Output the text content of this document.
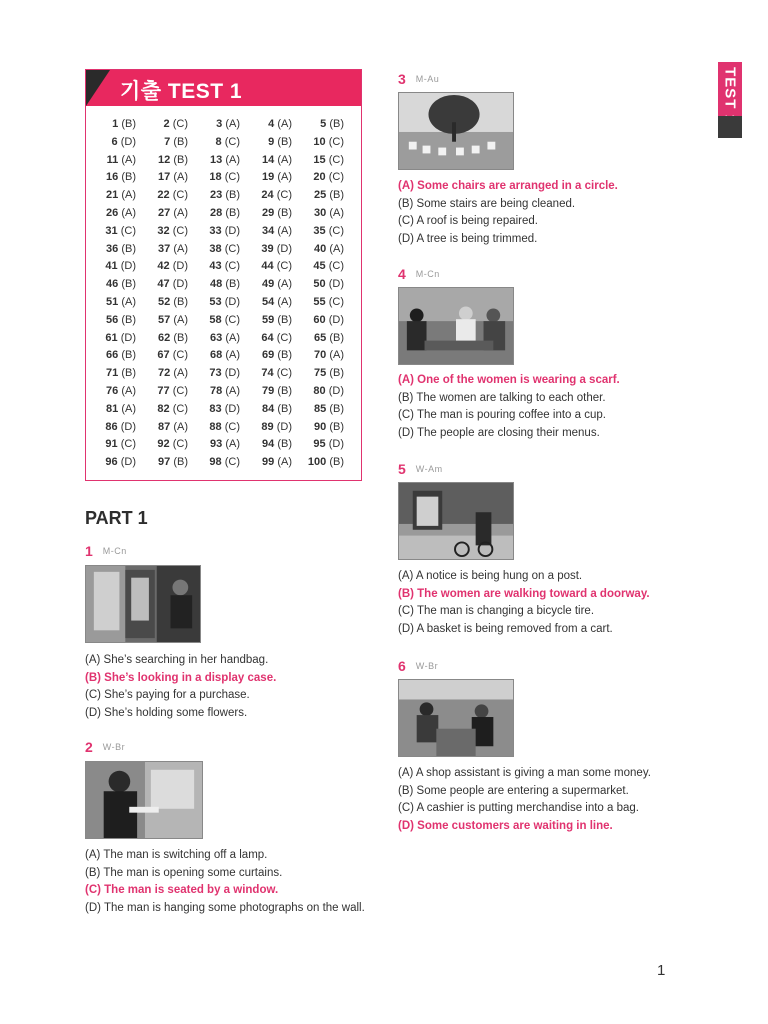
기출 TEST 1
1 (B)	2 (C)	3 (A)	4 (A)	5 (B)
6 (D)	7 (B)	8 (C)	9 (B)	10 (C)
11 (A)	12 (B)	13 (A)	14 (A)	15 (C)
16 (B)	17 (A)	18 (C)	19 (A)	20 (C)
21 (A)	22 (C)	23 (B)	24 (C)	25 (B)
26 (A)	27 (A)	28 (B)	29 (B)	30 (A)
31 (C)	32 (C)	33 (D)	34 (A)	35 (C)
36 (B)	37 (A)	38 (C)	39 (D)	40 (A)
41 (D)	42 (D)	43 (C)	44 (C)	45 (C)
46 (B)	47 (D)	48 (B)	49 (A)	50 (D)
51 (A)	52 (B)	53 (D)	54 (A)	55 (C)
56 (B)	57 (A)	58 (C)	59 (B)	60 (D)
61 (D)	62 (B)	63 (A)	64 (C)	65 (B)
66 (B)	67 (C)	68 (A)	69 (B)	70 (A)
71 (B)	72 (A)	73 (D)	74 (C)	75 (B)
76 (A)	77 (C)	78 (A)	79 (B)	80 (D)
81 (A)	82 (C)	83 (D)	84 (B)	85 (B)
86 (D)	87 (A)	88 (C)	89 (D)	90 (B)
91 (C)	92 (C)	93 (A)	94 (B)	95 (D)
96 (D)	97 (B)	98 (C)	99 (A)	100 (B)
PART 1
1 M-Cn
(A) She’s searching in her handbag.
(B) She’s looking in a display case.
(C) She’s paying for a purchase.
(D) She’s holding some flowers.
2 W-Br
(A) The man is switching off a lamp.
(B) The man is opening some curtains.
(C) The man is seated by a window.
(D) The man is hanging some photographs on the wall.
3 M-Au
(A) Some chairs are arranged in a circle.
(B) Some stairs are being cleaned.
(C) A roof is being repaired.
(D) A tree is being trimmed.
4 M-Cn
(A) One of the women is wearing a scarf.
(B) The women are talking to each other.
(C) The man is pouring coffee into a cup.
(D) The people are closing their menus.
5 W-Am
(A) A notice is being hung on a post.
(B) The women are walking toward a doorway.
(C) The man is changing a bicycle tire.
(D) A basket is being removed from a cart.
6 W-Br
(A) A shop assistant is giving a man some money.
(B) Some people are entering a supermarket.
(C) A cashier is putting merchandise into a bag.
(D) Some customers are waiting in line.
TEST
1
